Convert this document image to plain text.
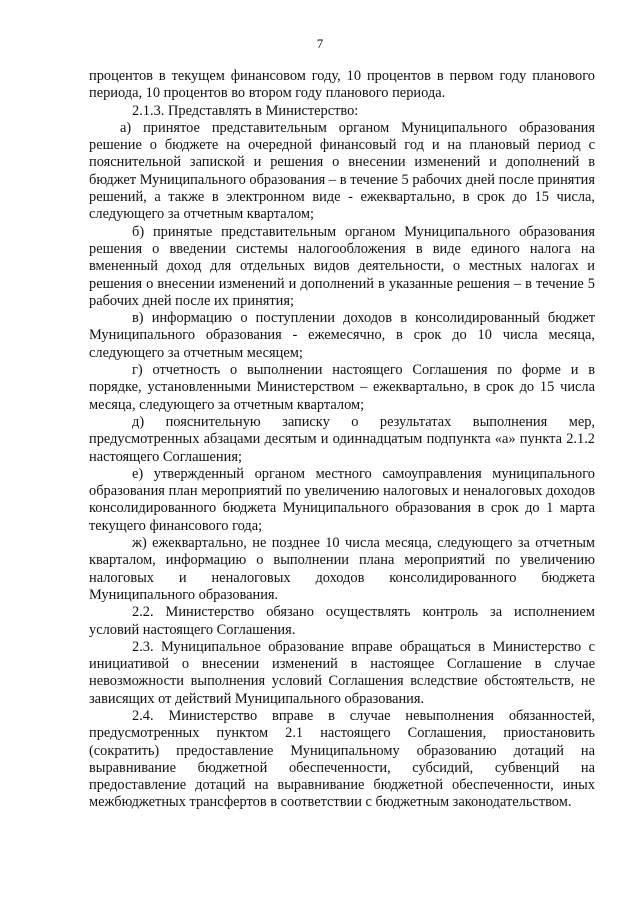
7

процентов в текущем финансовом году, 10 процентов в первом году планового периода, 10 процентов во втором году планового периода.

2.1.3. Представлять в Министерство:

а) принятое представительным органом Муниципального образования решение о бюджете на очередной финансовый год и на плановый период с пояснительной запиской и решения о внесении изменений и дополнений в бюджет Муниципального образования – в течение 5 рабочих дней после принятия решений, а также в электронном виде - ежеквартально, в срок до 15 числа, следующего за отчетным кварталом;

б) принятые представительным органом Муниципального образования решения о введении системы налогообложения в виде единого налога на вмененный доход для отдельных видов деятельности, о местных налогах и решения о внесении изменений и дополнений в указанные решения – в течение 5 рабочих дней после их принятия;

в) информацию о поступлении доходов в консолидированный бюджет Муниципального образования - ежемесячно, в срок до 10 числа месяца, следующего за отчетным месяцем;

г) отчетность о выполнении настоящего Соглашения по форме и в порядке, установленными Министерством – ежеквартально, в срок до 15 числа месяца, следующего за отчетным кварталом;

д) пояснительную записку о результатах выполнения мер, предусмотренных абзацами десятым и одиннадцатым подпункта «а» пункта 2.1.2 настоящего Соглашения;

е) утвержденный органом местного самоуправления муниципального образования план мероприятий по увеличению налоговых и неналоговых доходов консолидированного бюджета Муниципального образования в срок до 1 марта текущего финансового года;

ж) ежеквартально, не позднее 10 числа месяца, следующего за отчетным кварталом, информацию о выполнении плана мероприятий по увеличению налоговых и неналоговых доходов консолидированного бюджета Муниципального образования.

2.2. Министерство обязано осуществлять контроль за исполнением условий настоящего Соглашения.

2.3. Муниципальное образование вправе обращаться в Министерство с инициативой о внесении изменений в настоящее Соглашение в случае невозможности выполнения условий Соглашения вследствие обстоятельств, не зависящих от действий Муниципального образования.

2.4. Министерство вправе в случае невыполнения обязанностей, предусмотренных пунктом 2.1 настоящего Соглашения, приостановить (сократить) предоставление Муниципальному образованию дотаций на выравнивание бюджетной обеспеченности, субсидий, субвенций на предоставление дотаций на выравнивание бюджетной обеспеченности, иных межбюджетных трансфертов в соответствии с бюджетным законодательством.
